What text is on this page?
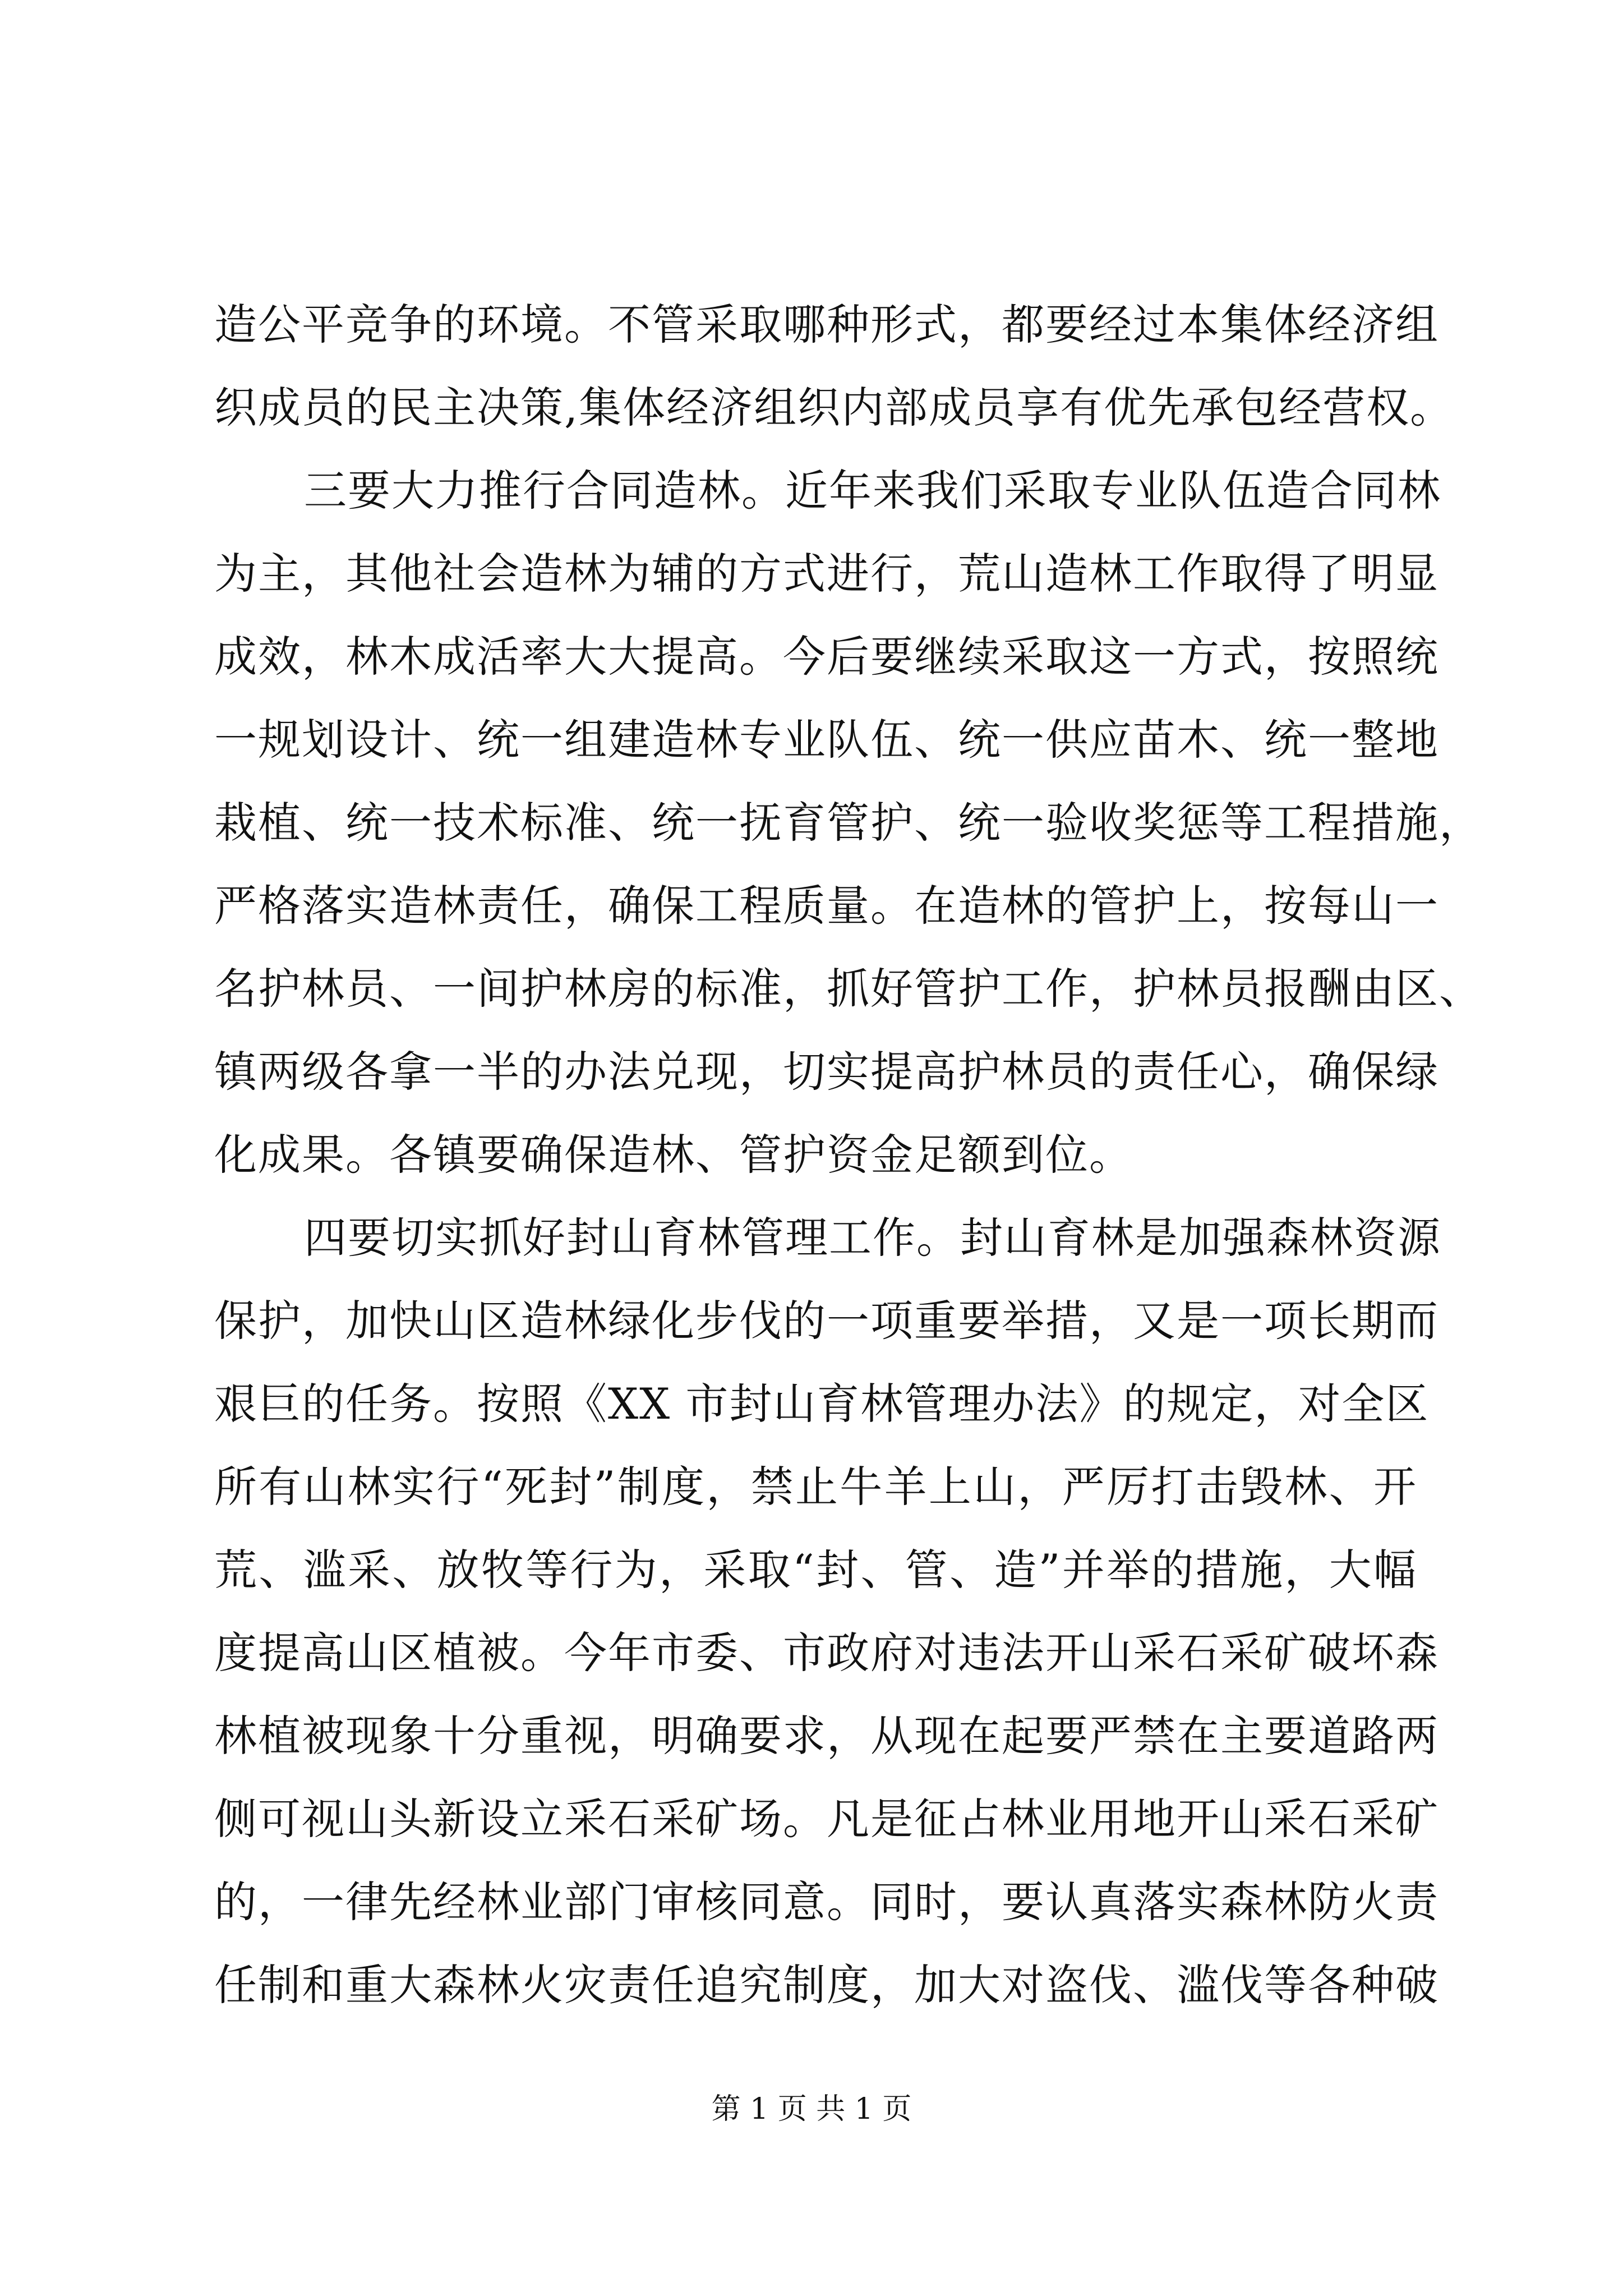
造公平竞争的环境。不管采取哪种形式，都要经过本集体经济组
织成员的民主决策,集体经济组织内部成员享有优先承包经营权。
三要大力推行合同造林。近年来我们采取专业队伍造合同林
为主，其他社会造林为辅的方式进行，荒山造林工作取得了明显
成效，林木成活率大大提高。今后要继续采取这一方式，按照统
一规划设计、统一组建造林专业队伍、统一供应苗木、统一整地
栽植、统一技术标准、统一抚育管护、统一验收奖惩等工程措施，
严格落实造林责任，确保工程质量。在造林的管护上，按每山一
名护林员、一间护林房的标准，抓好管护工作，护林员报酬由区、
镇两级各拿一半的办法兑现，切实提高护林员的责任心，确保绿
化成果。各镇要确保造林、管护资金足额到位。
四要切实抓好封山育林管理工作。封山育林是加强森林资源
保护，加快山区造林绿化步伐的一项重要举措，又是一项长期而
艰巨的任务。按照《XX 市封山育林管理办法》的规定，对全区
所有山林实行“死封”制度，禁止牛羊上山，严厉打击毁林、开
荒、滥采、放牧等行为，采取“封、管、造”并举的措施，大幅
度提高山区植被。今年市委、市政府对违法开山采石采矿破坏森
林植被现象十分重视，明确要求，从现在起要严禁在主要道路两
侧可视山头新设立采石采矿场。凡是征占林业用地开山采石采矿
的，一律先经林业部门审核同意。同时，要认真落实森林防火责
任制和重大森林火灾责任追究制度，加大对盗伐、滥伐等各种破
第 1 页 共 1 页
